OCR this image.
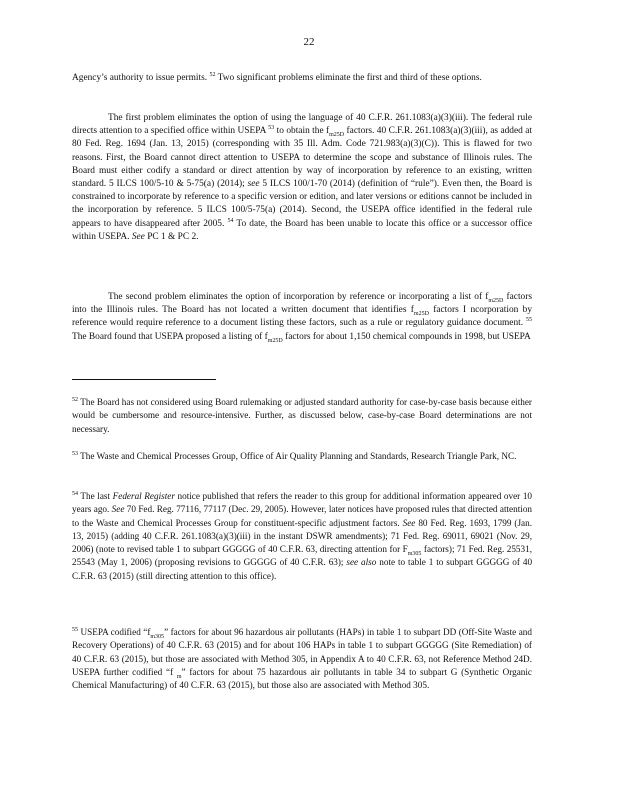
22
Agency’s authority to issue permits. $^{52}$ Two significant problems eliminate the first and third of these options.
The first problem eliminates the option of using the language of 40 C.F.R. 261.1083(a)(3)(iii). The federal rule directs attention to a specified office within USEPA $^{53}$ to obtain the $f_{m25D}$ factors. 40 C.F.R. 261.1083(a)(3)(iii), as added at 80 Fed. Reg. 1694 (Jan. 13, 2015) (corresponding with 35 Ill. Adm. Code 721.983(a)(3)(C)). This is flawed for two reasons. First, the Board cannot direct attention to USEPA to determine the scope and substance of Illinois rules. The Board must either codify a standard or direct attention by way of incorporation by reference to an existing, written standard. 5 ILCS 100/5-10 & 5-75(a) (2014); see 5 ILCS 100/1-70 (2014) (definition of “rule”). Even then, the Board is constrained to incorporate by reference to a specific version or edition, and later versions or editions cannot be included in the incorporation by reference. 5 ILCS 100/5-75(a) (2014). Second, the USEPA office identified in the federal rule appears to have disappeared after 2005. $^{54}$ To date, the Board has been unable to locate this office or a successor office within USEPA. See PC 1 & PC 2.
The second problem eliminates the option of incorporation by reference or incorporating a list of $f_{m25D}$ factors into the Illinois rules. The Board has not located a written document that identifies $f_{m25D}$ factors I ncorporation by reference would require reference to a document listing these factors, such as a rule or regulatory guidance document. $^{55}$ The Board found that USEPA proposed a listing of $f_{m25D}$ factors for about 1,150 chemical compounds in 1998, but USEPA
$^{52}$ The Board has not considered using Board rulemaking or adjusted standard authority for case-by-case basis because either would be cumbersome and resource-intensive. Further, as discussed below, case-by-case Board determinations are not necessary.
$^{53}$ The Waste and Chemical Processes Group, Office of Air Quality Planning and Standards, Research Triangle Park, NC.
$^{54}$ The last Federal Register notice published that refers the reader to this group for additional information appeared over 10 years ago. See 70 Fed. Reg. 77116, 77117 (Dec. 29, 2005). However, later notices have proposed rules that directed attention to the Waste and Chemical Processes Group for constituent-specific adjustment factors. See 80 Fed. Reg. 1693, 1799 (Jan. 13, 2015) (adding 40 C.F.R. 261.1083(a)(3)(iii) in the instant DSWR amendments); 71 Fed. Reg. 69011, 69021 (Nov. 29, 2006) (note to revised table 1 to subpart GGGGG of 40 C.F.R. 63, directing attention for $F_{m305}$ factors); 71 Fed. Reg. 25531, 25543 (May 1, 2006) (proposing revisions to GGGGG of 40 C.F.R. 63); see also note to table 1 to subpart GGGGG of 40 C.F.R. 63 (2015) (still directing attention to this office).
$^{55}$ USEPA codified “$f_{m305}$” factors for about 96 hazardous air pollutants (HAPs) in table 1 to subpart DD (Off-Site Waste and Recovery Operations) of 40 C.F.R. 63 (2015) and for about 106 HAPs in table 1 to subpart GGGGG (Site Remediation) of 40 C.F.R. 63 (2015), but those are associated with Method 305, in Appendix A to 40 C.F.R. 63, not Reference Method 24D. USEPA further codified “f $_m$” factors for about 75 hazardous air pollutants in table 34 to subpart G (Synthetic Organic Chemical Manufacturing) of 40 C.F.R. 63 (2015), but those also are associated with Method 305.
